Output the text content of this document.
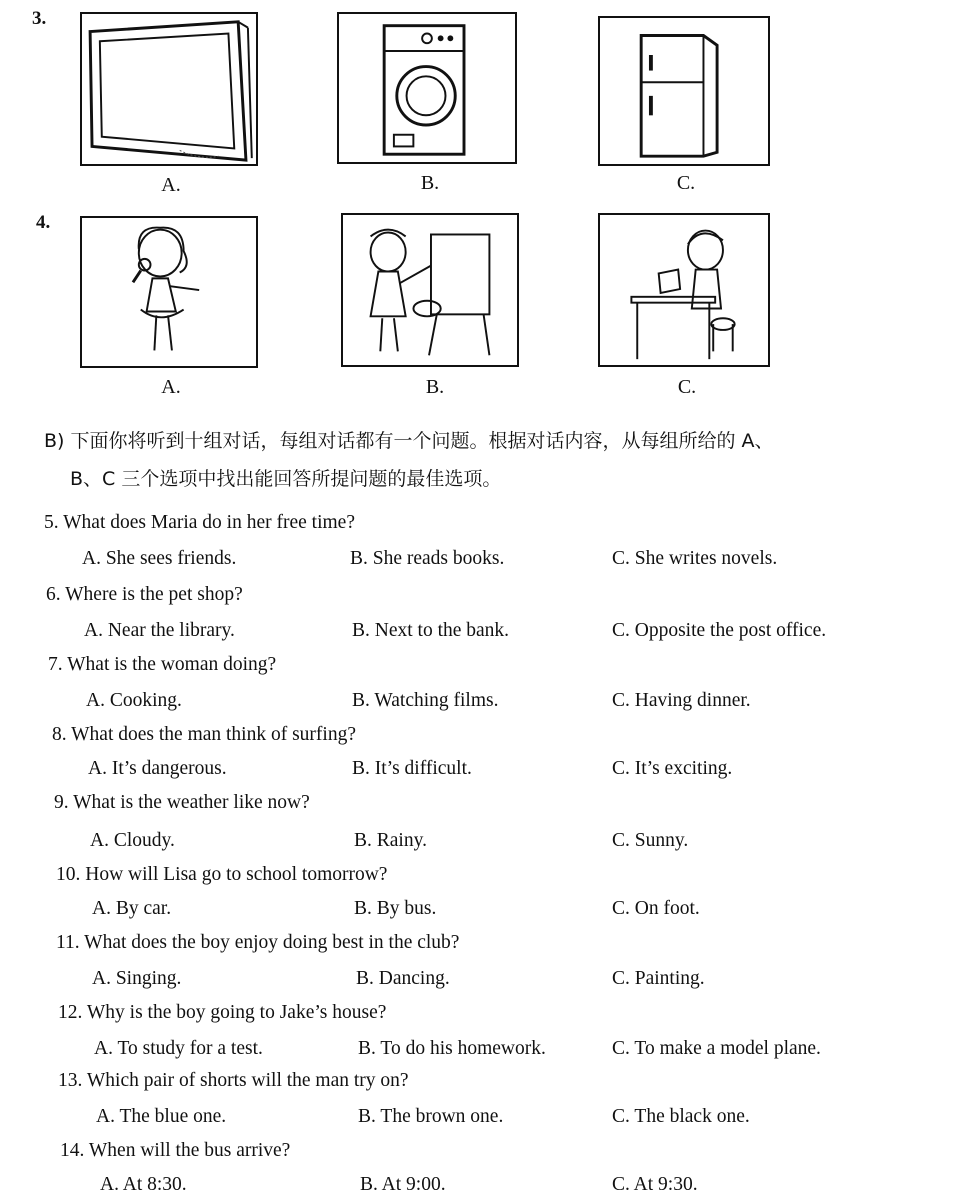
3.
A.	B.	C.
4.
A.	B.	C.
B) 下面你将听到十组对话，每组对话都有一个问题。根据对话内容，从每组所给的 A、
B、C 三个选项中找出能回答所提问题的最佳选项。
5. What does Maria do in her free time?
A. She sees friends.	B. She reads books.	C. She writes novels.
6. Where is the pet shop?
A. Near the library.	B. Next to the bank.	C. Opposite the post office.
7. What is the woman doing?
A. Cooking.	B. Watching films.	C. Having dinner.
8. What does the man think of surfing?
A. It’s dangerous.	B. It’s difficult.	C. It’s exciting.
9. What is the weather like now?
A. Cloudy.	B. Rainy.	C. Sunny.
10. How will Lisa go to school tomorrow?
A. By car.	B. By bus.	C. On foot.
11. What does the boy enjoy doing best in the club?
A. Singing.	B. Dancing.	C. Painting.
12. Why is the boy going to Jake’s house?
A. To study for a test.	B. To do his homework.	C. To make a model plane.
13. Which pair of shorts will the man try on?
A. The blue one.	B. The brown one.	C. The black one.
14. When will the bus arrive?
A. At 8:30.	B. At 9:00.	C. At 9:30.
